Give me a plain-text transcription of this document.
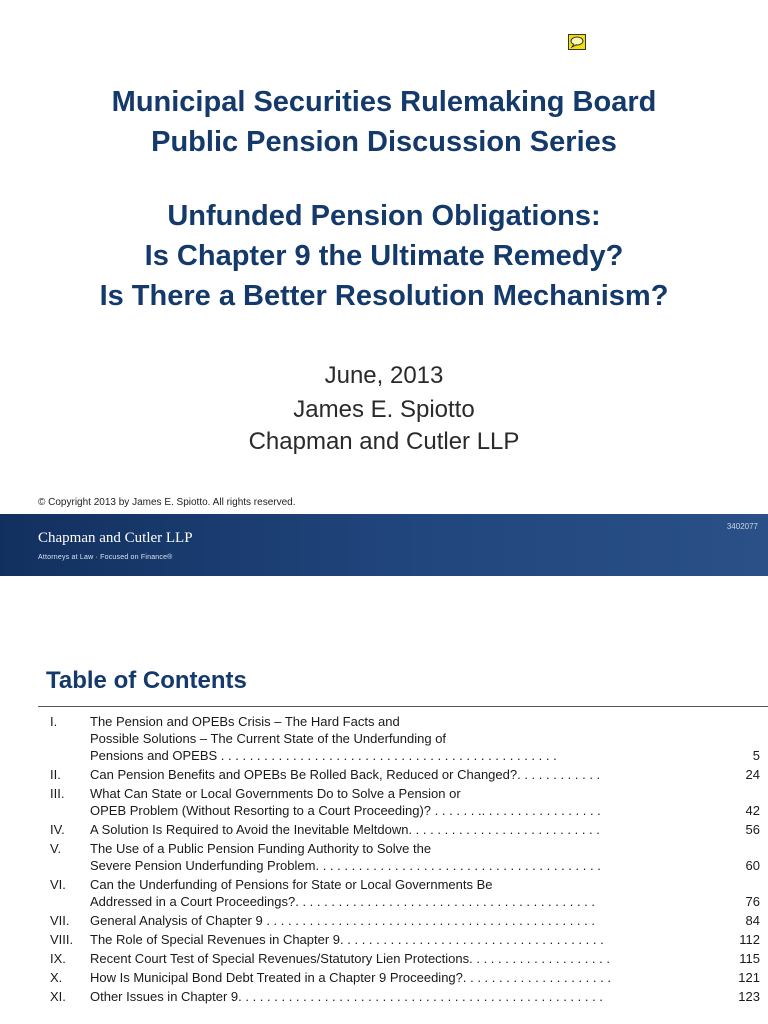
Municipal Securities Rulemaking Board
Public Pension Discussion Series
Unfunded Pension Obligations:
Is Chapter 9 the Ultimate Remedy?
Is There a Better Resolution Mechanism?
June, 2013
James E. Spiotto
Chapman and Cutler LLP
© Copyright 2013 by James E. Spiotto. All rights reserved.
Chapman and Cutler LLP
Attorneys at Law · Focused on Finance®
3402077
Table of Contents
I.	The Pension and OPEBs Crisis – The Hard Facts and
Possible Solutions – The Current State of the Underfunding of
Pensions and OPEBS . . . . . . . . . . . . . . . . . . . . . . . . . . . . . . . . . . . . . . . . . . . . . . .	5
II.	Can Pension Benefits and OPEBs Be Rolled Back, Reduced or Changed?. . . . . . . . . . . .	24
III.	What Can State or Local Governments Do to Solve a Pension or
OPEB Problem (Without Resorting to a Court Proceeding)? . . . . . . .. . . . . . . . . . . . . . . . .	42
IV.	A Solution Is Required to Avoid the Inevitable Meltdown. . . . . . . . . . . . . . . . . . . . . . . . . . .	56
V.	The Use of a Public Pension Funding Authority to Solve the
Severe Pension Underfunding Problem. . . . . . . . . . . . . . . . . . . . . . . . . . . . . . . . . . . . . . . .	60
VI.	Can the Underfunding of Pensions for State or Local Governments Be
Addressed in a Court Proceedings?. . . . . . . . . . . . . . . . . . . . . . . . . . . . . . . . . . . . . . . . . .	76
VII.	General Analysis of Chapter 9 . . . . . . . . . . . . . . . . . . . . . . . . . . . . . . . . . . . . . . . . . . . . . .	84
VIII.	The Role of Special Revenues in Chapter 9. . . . . . . . . . . . . . . . . . . . . . . . . . . . . . . . . . . . .	112
IX.	Recent Court Test of Special Revenues/Statutory Lien Protections. . . . . . . . . . . . . . . . . . . .	115
X.	How Is Municipal Bond Debt Treated in a Chapter 9 Proceeding?. . . . . . . . . . . . . . . . . . . . .	121
XI.	Other Issues in Chapter 9. . . . . . . . . . . . . . . . . . . . . . . . . . . . . . . . . . . . . . . . . . . . . . . . . . .	123
